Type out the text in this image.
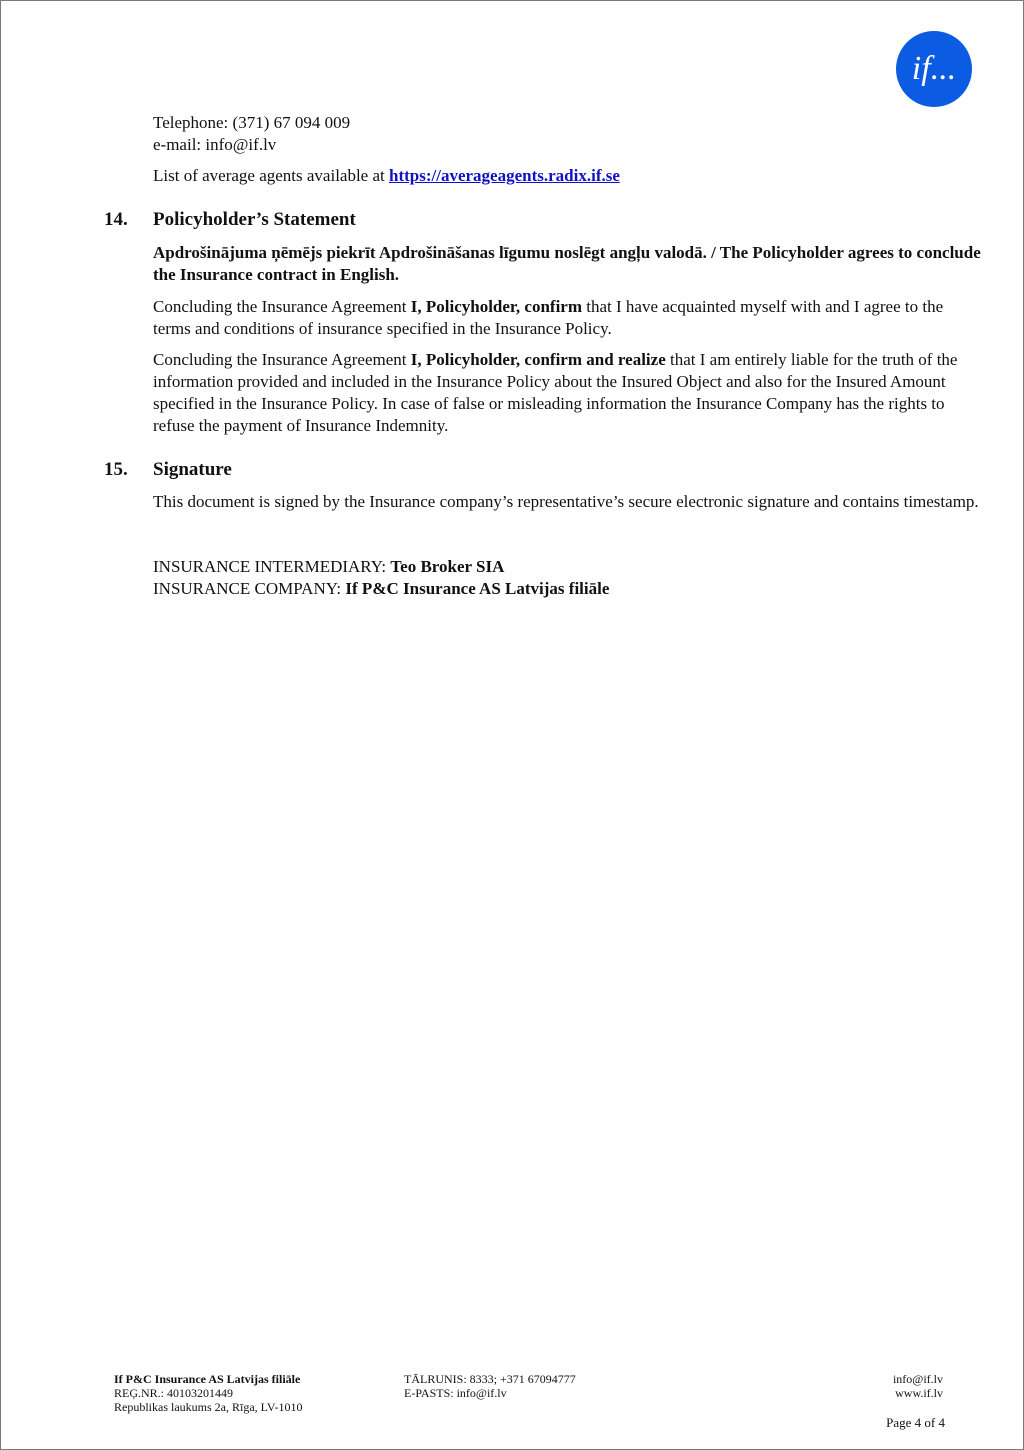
if...

Telephone: (371) 67 094 009

e-mail: info@if.lv

List of average agents available at https://averageagents.radix.if.se

14. Policyholder’s Statement

Apdrošinājuma ņēmējs piekrīt Apdrošināšanas līgumu noslēgt angļu valodā. / The Policyholder agrees to conclude the Insurance contract in English.

Concluding the Insurance Agreement I, Policyholder, confirm that I have acquainted myself with and I agree to the terms and conditions of insurance specified in the Insurance Policy.

Concluding the Insurance Agreement I, Policyholder, confirm and realize that I am entirely liable for the truth of the information provided and included in the Insurance Policy about the Insured Object and also for the Insured Amount specified in the Insurance Policy. In case of false or misleading information the Insurance Company has the rights to refuse the payment of Insurance Indemnity.

15. Signature

This document is signed by the Insurance company’s representative’s secure electronic signature and contains timestamp.

INSURANCE INTERMEDIARY: Teo Broker SIA

INSURANCE COMPANY: If P&C Insurance AS Latvijas filiāle

If P&C Insurance AS Latvijas filiāle

REĢ.NR.: 40103201449

Republikas laukums 2a, Rīga, LV-1010

TĀLRUNIS: 8333; +371 67094777

E-PASTS: info@if.lv

info@if.lv

www.if.lv

Page 4 of 4
